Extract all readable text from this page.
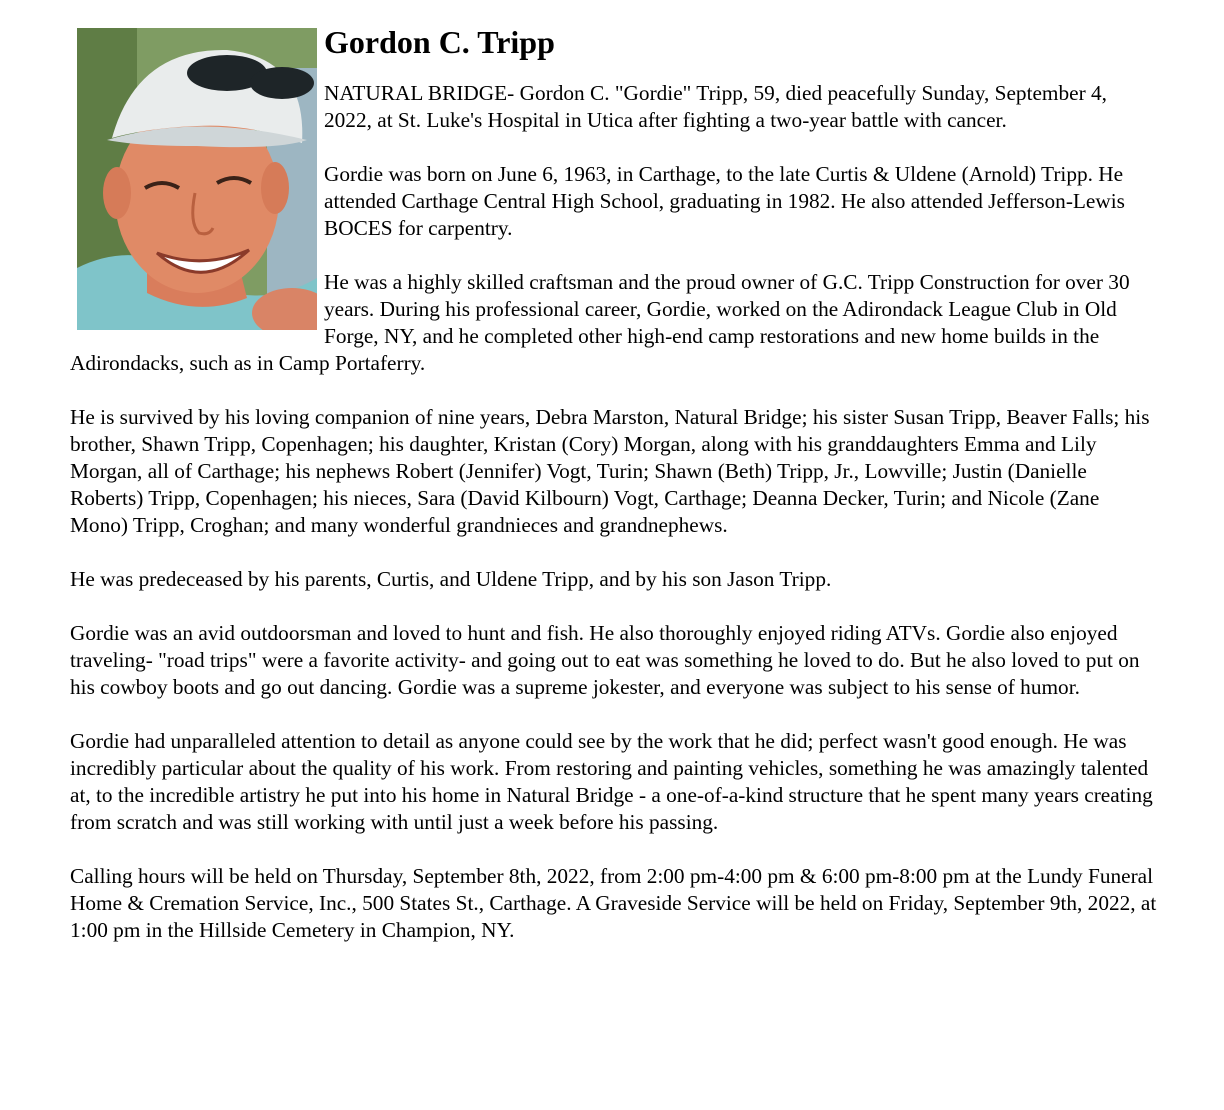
Gordon C. Tripp

NATURAL BRIDGE- Gordon C. "Gordie" Tripp, 59, died peacefully Sunday, September 4, 2022, at St. Luke's Hospital in Utica after fighting a two-year battle with cancer.

Gordie was born on June 6, 1963, in Carthage, to the late Curtis & Uldene (Arnold) Tripp. He attended Carthage Central High School, graduating in 1982. He also attended Jefferson-Lewis BOCES for carpentry.

He was a highly skilled craftsman and the proud owner of G.C. Tripp Construction for over 30 years. During his professional career, Gordie, worked on the Adirondack League Club in Old Forge, NY, and he completed other high-end camp restorations and new home builds in the Adirondacks, such as in Camp Portaferry.

He is survived by his loving companion of nine years, Debra Marston, Natural Bridge; his sister Susan Tripp, Beaver Falls; his brother, Shawn Tripp, Copenhagen; his daughter, Kristan (Cory) Morgan, along with his granddaughters Emma and Lily Morgan, all of Carthage; his nephews Robert (Jennifer) Vogt, Turin; Shawn (Beth) Tripp, Jr., Lowville; Justin (Danielle Roberts) Tripp, Copenhagen; his nieces, Sara (David Kilbourn) Vogt, Carthage; Deanna Decker, Turin; and Nicole (Zane Mono) Tripp, Croghan; and many wonderful grandnieces and grandnephews.

He was predeceased by his parents, Curtis, and Uldene Tripp, and by his son Jason Tripp.

Gordie was an avid outdoorsman and loved to hunt and fish. He also thoroughly enjoyed riding ATVs. Gordie also enjoyed traveling- "road trips" were a favorite activity- and going out to eat was something he loved to do. But he also loved to put on his cowboy boots and go out dancing. Gordie was a supreme jokester, and everyone was subject to his sense of humor.

Gordie had unparalleled attention to detail as anyone could see by the work that he did; perfect wasn't good enough. He was incredibly particular about the quality of his work. From restoring and painting vehicles, something he was amazingly talented at, to the incredible artistry he put into his home in Natural Bridge - a one-of-a-kind structure that he spent many years creating from scratch and was still working with until just a week before his passing.

Calling hours will be held on Thursday, September 8th, 2022, from 2:00 pm-4:00 pm & 6:00 pm-8:00 pm at the Lundy Funeral Home & Cremation Service, Inc., 500 States St., Carthage. A Graveside Service will be held on Friday, September 9th, 2022, at 1:00 pm in the Hillside Cemetery in Champion, NY.
